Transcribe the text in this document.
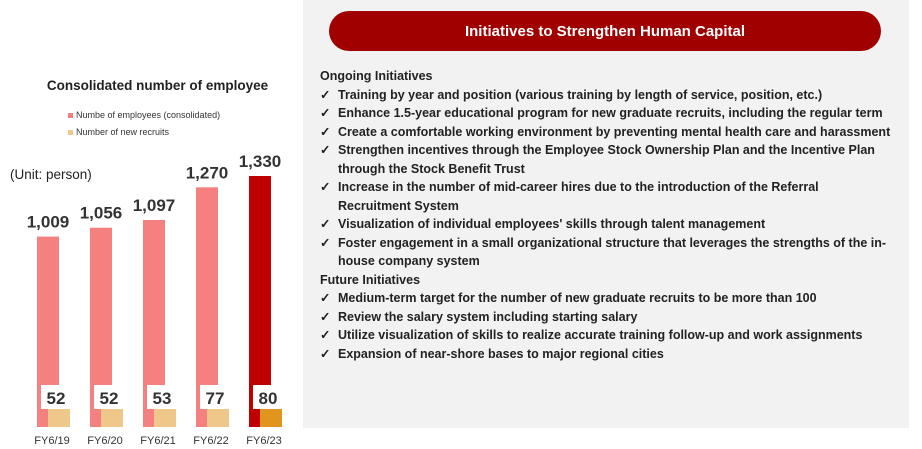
Consolidated number of employee
Numbe of employees (consolidated)
Number of new recruits
(Unit: person)
1,009
52
FY6/19
1,056
52
FY6/20
1,097
53
FY6/21
1,270
77
FY6/22
1,330
80
FY6/23
Initiatives to Strengthen Human Capital
Ongoing Initiatives
✓ Training by year and position (various training by length of service, position, etc.)
✓ Enhance 1.5-year educational program for new graduate recruits, including the regular term
✓ Create a comfortable working environment by preventing mental health care and harassment
✓ Strengthen incentives through the Employee Stock Ownership Plan and the Incentive Plan through the Stock Benefit Trust
✓ Increase in the number of mid-career hires due to the introduction of the Referral Recruitment System
✓ Visualization of individual employees' skills through talent management
✓ Foster engagement in a small organizational structure that leverages the strengths of the in-house company system
Future Initiatives
✓ Medium-term target for the number of new graduate recruits to be more than 100
✓ Review the salary system including starting salary
✓ Utilize visualization of skills to realize accurate training follow-up and work assignments
✓ Expansion of near-shore bases to major regional cities
